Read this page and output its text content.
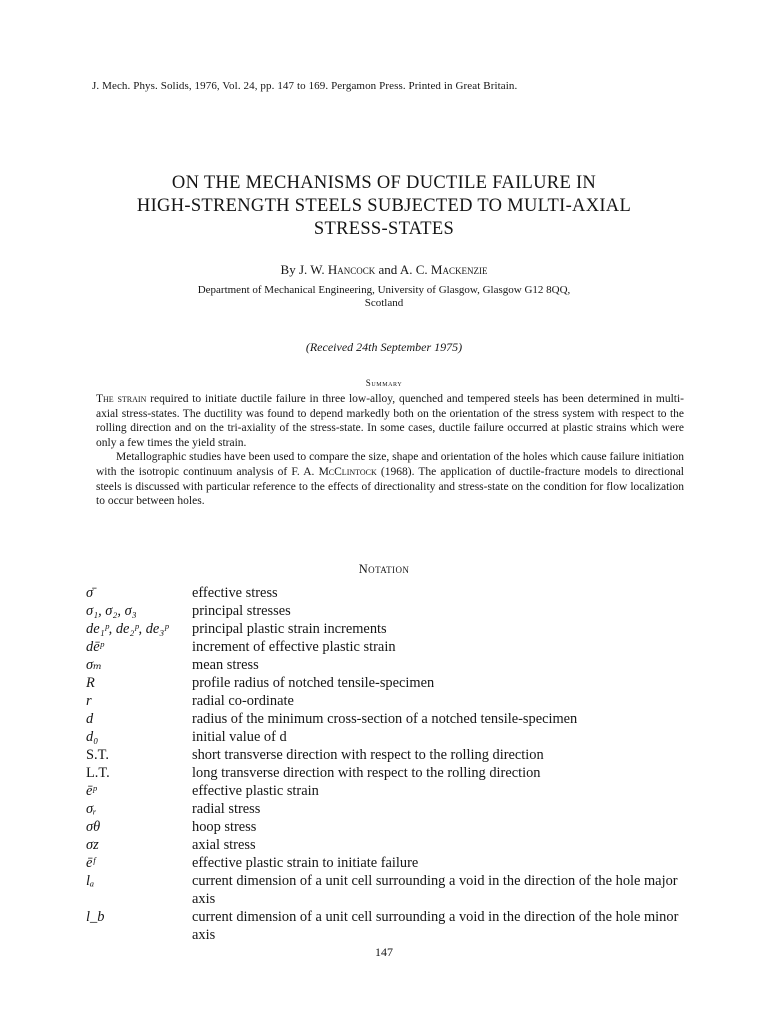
J. Mech. Phys. Solids, 1976, Vol. 24, pp. 147 to 169. Pergamon Press. Printed in Great Britain.
ON THE MECHANISMS OF DUCTILE FAILURE IN
HIGH-STRENGTH STEELS SUBJECTED TO MULTI-AXIAL
STRESS-STATES
By J. W. Hancock and A. C. Mackenzie
Department of Mechanical Engineering, University of Glasgow, Glasgow G12 8QQ,
Scotland
(Received 24th September 1975)
Summary

The strain required to initiate ductile failure in three low-alloy, quenched and tempered steels has been determined in multi-axial stress-states. The ductility was found to depend markedly both on the orientation of the stress system with respect to the rolling direction and on the tri-axiality of the stress-state. In some cases, ductile failure occurred at plastic strains which were only a few times the yield strain.

Metallographic studies have been used to compare the size, shape and orientation of the holes which cause failure initiation with the isotropic continuum analysis of F. A. McClintock (1968). The application of ductile-fracture models to directional steels is discussed with particular reference to the effects of directionality and stress-state on the condition for flow localization to occur between holes.

Notation
σ̄	effective stress
σ₁, σ₂, σ₃	principal stresses
de₁ᵖ, de₂ᵖ, de₃ᵖ	principal plastic strain increments
dēᵖ	increment of effective plastic strain
σₘ	mean stress
R	profile radius of notched tensile-specimen
r	radial co-ordinate
d	radius of the minimum cross-section of a notched tensile-specimen
d₀	initial value of d
S.T.	short transverse direction with respect to the rolling direction
L.T.	long transverse direction with respect to the rolling direction
ēᵖ	effective plastic strain
σᵣ	radial stress
σθ	hoop stress
σz	axial stress
ēᶠ	effective plastic strain to initiate failure
lₐ	current dimension of a unit cell surrounding a void in the direction of the hole major axis
l_b	current dimension of a unit cell surrounding a void in the direction of the hole minor axis
147
